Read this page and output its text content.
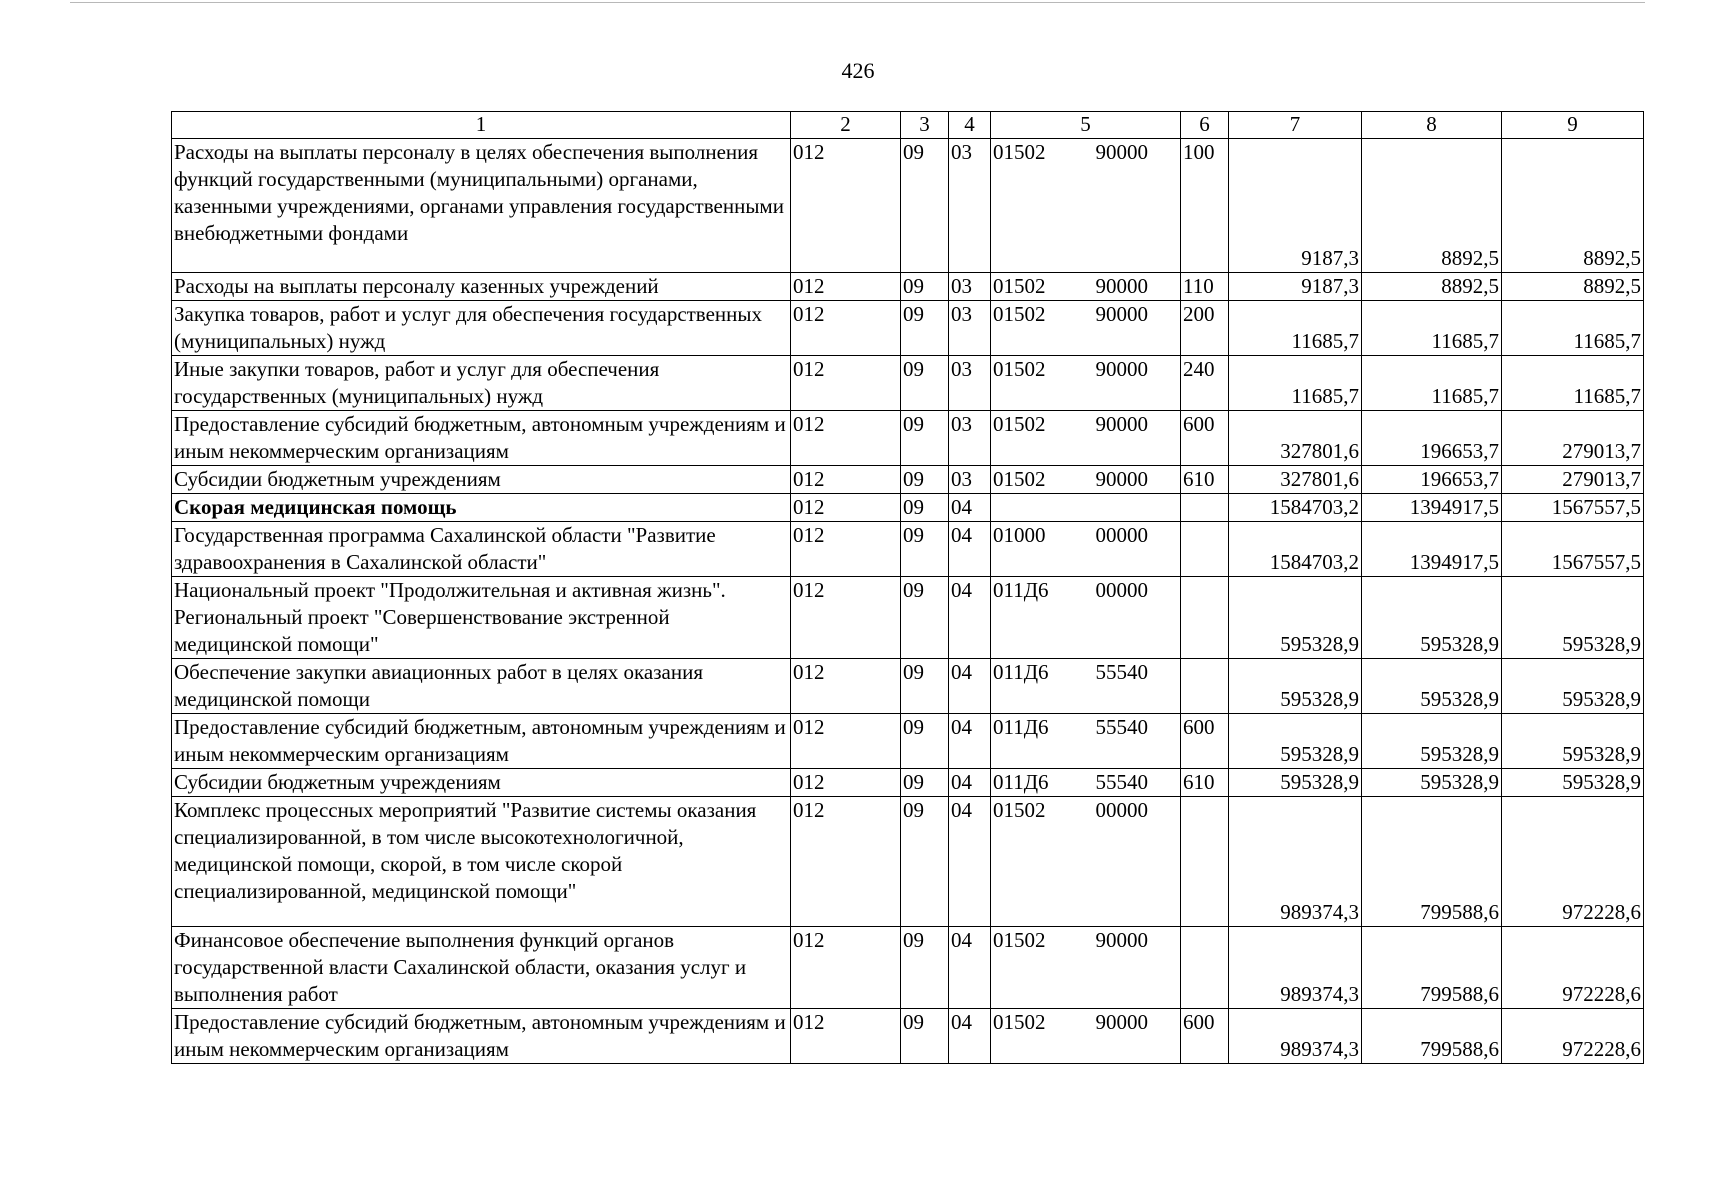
426
1	2	3	4	5	6	7	8	9
Расходы на выплаты персоналу в целях обеспечения выполнения функций государственными (муниципальными) органами, казенными учреждениями, органами управления государственными внебюджетными фондами	012	09	03	01502 90000	100	9187,3	8892,5	8892,5
Расходы на выплаты персоналу казенных учреждений	012	09	03	01502 90000	110	9187,3	8892,5	8892,5
Закупка товаров, работ и услуг для обеспечения государственных (муниципальных) нужд	012	09	03	01502 90000	200	11685,7	11685,7	11685,7
Иные закупки товаров, работ и услуг для обеспечения государственных (муниципальных) нужд	012	09	03	01502 90000	240	11685,7	11685,7	11685,7
Предоставление субсидий бюджетным, автономным учреждениям и иным некоммерческим организациям	012	09	03	01502 90000	600	327801,6	196653,7	279013,7
Субсидии бюджетным учреждениям	012	09	03	01502 90000	610	327801,6	196653,7	279013,7
Скорая медицинская помощь	012	09	04			1584703,2	1394917,5	1567557,5
Государственная программа Сахалинской области "Развитие здравоохранения в Сахалинской области"	012	09	04	01000 00000		1584703,2	1394917,5	1567557,5
Национальный проект "Продолжительная и активная жизнь". Региональный проект "Совершенствование экстренной медицинской помощи"	012	09	04	011Д6 00000		595328,9	595328,9	595328,9
Обеспечение закупки авиационных работ в целях оказания медицинской помощи	012	09	04	011Д6 55540		595328,9	595328,9	595328,9
Предоставление субсидий бюджетным, автономным учреждениям и иным некоммерческим организациям	012	09	04	011Д6 55540	600	595328,9	595328,9	595328,9
Субсидии бюджетным учреждениям	012	09	04	011Д6 55540	610	595328,9	595328,9	595328,9
Комплекс процессных мероприятий "Развитие системы оказания специализированной, в том числе высокотехнологичной, медицинской помощи, скорой, в том числе скорой специализированной, медицинской помощи"	012	09	04	01502 00000		989374,3	799588,6	972228,6
Финансовое обеспечение выполнения функций органов государственной власти Сахалинской области, оказания услуг и выполнения работ	012	09	04	01502 90000		989374,3	799588,6	972228,6
Предоставление субсидий бюджетным, автономным учреждениям и иным некоммерческим организациям	012	09	04	01502 90000	600	989374,3	799588,6	972228,6
